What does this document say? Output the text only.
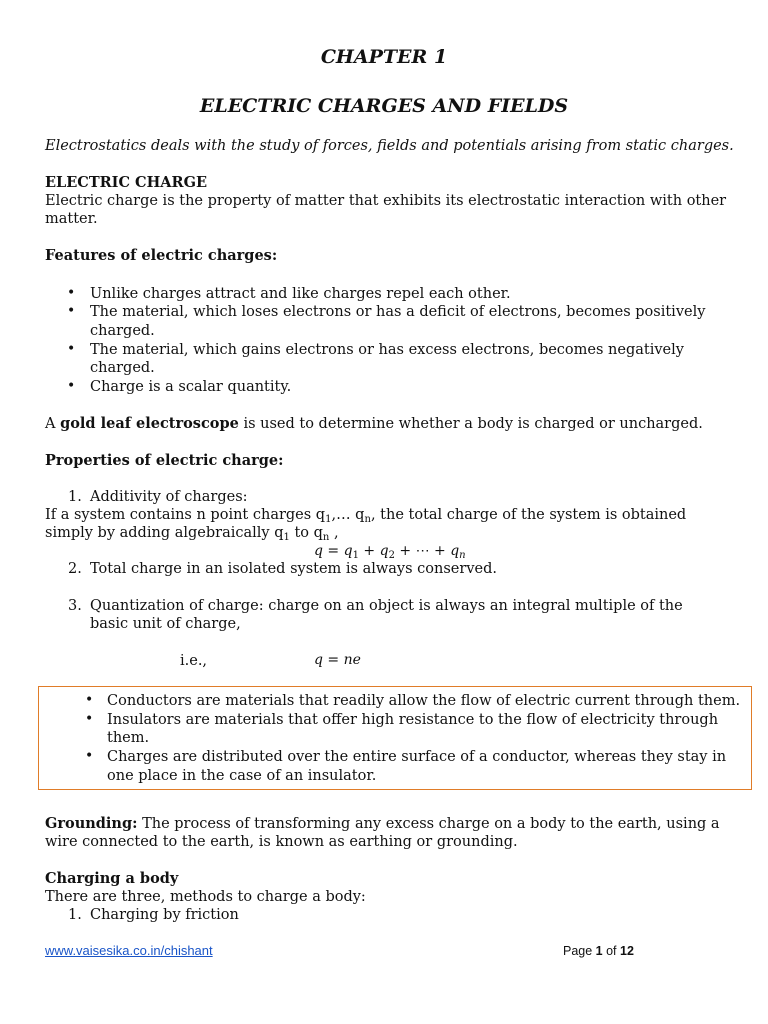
CHAPTER 1
ELECTRIC CHARGES AND FIELDS
Electrostatics deals with the study of forces, fields and potentials arising from static charges.
ELECTRIC CHARGE
Electric charge is the property of matter that exhibits its electrostatic interaction with other
matter.
Features of electric charges:
• Unlike charges attract and like charges repel each other.
• The material, which loses electrons or has a deficit of electrons, becomes positively
charged.
• The material, which gains electrons or has excess electrons, becomes negatively
charged.
• Charge is a scalar quantity.
A gold leaf electroscope is used to determine whether a body is charged or uncharged.
Properties of electric charge:
1. Additivity of charges:
If a system contains n point charges $q_1,\dots$ $q_n$, the total charge of the system is obtained
simply by adding algebraically $q_1$ to $q_n$ ,
$q = q_1 + q_2$ + ⋯ + $q_n$
2. Total charge in an isolated system is always conserved.
3. Quantization of charge: charge on an object is always an integral multiple of the
basic unit of charge,
i.e.,	q = ne
• Conductors are materials that readily allow the flow of electric current through them.
• Insulators are materials that offer high resistance to the flow of electricity through
them.
• Charges are distributed over the entire surface of a conductor, whereas they stay in
one place in the case of an insulator.
Grounding: The process of transforming any excess charge on a body to the earth, using a
wire connected to the earth, is known as earthing or grounding.
Charging a body
There are three, methods to charge a body:
1. Charging by friction
www.vaisesika.co.in/chishant	Page 1 of 12
